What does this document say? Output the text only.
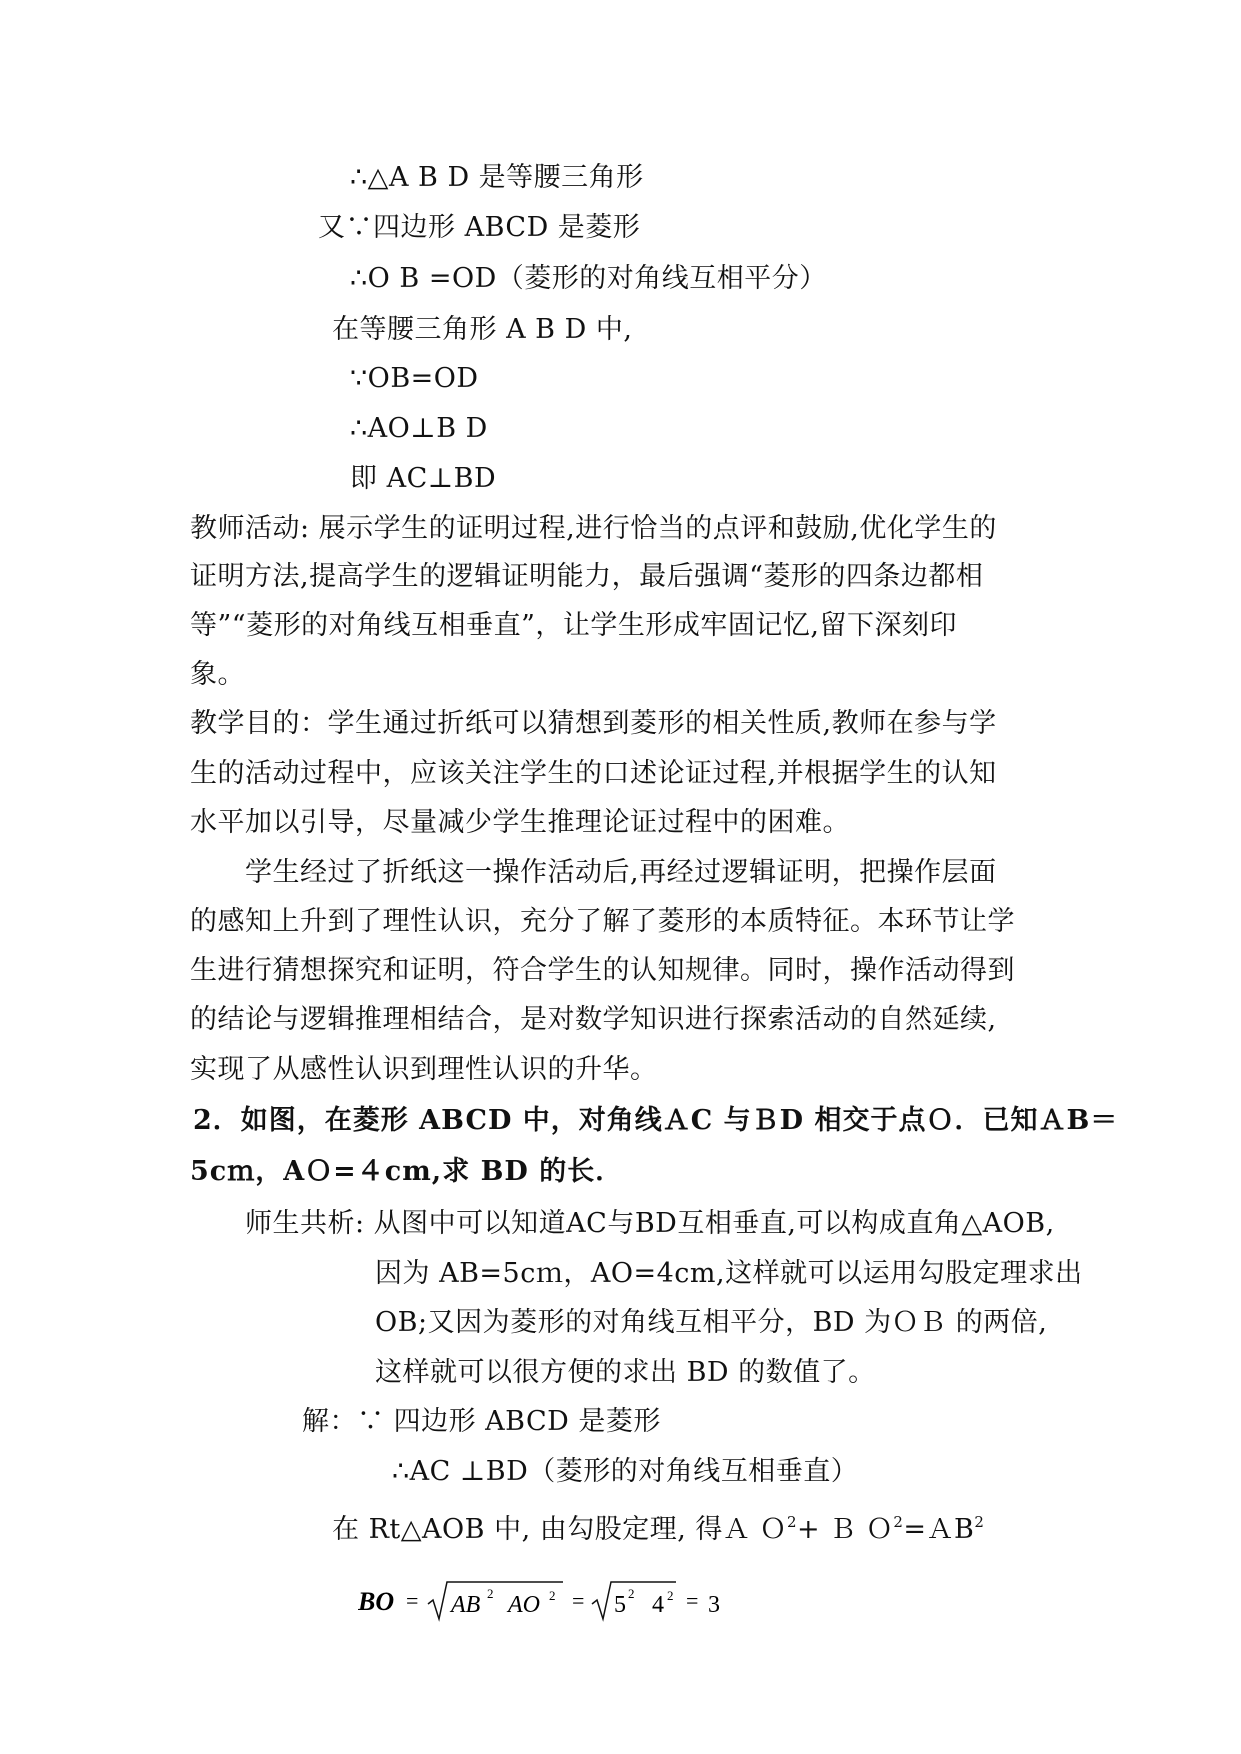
∴△A B D 是等腰三角形
又∵四边形 ABCD 是菱形
∴O B =OD（菱形的对角线互相平分）
在等腰三角形 A B D 中,
∵OB=OD
∴AO⊥B D
即 AC⊥BD
教师活动: 展示学生的证明过程,进行恰当的点评和鼓励,优化学生的
证明方法,提高学生的逻辑证明能力，最后强调“菱形的四条边都相
等”“菱形的对角线互相垂直”，让学生形成牢固记忆,留下深刻印
象。
教学目的：学生通过折纸可以猜想到菱形的相关性质,教师在参与学
生的活动过程中，应该关注学生的口述论证过程,并根据学生的认知
水平加以引导，尽量减少学生推理论证过程中的困难。
学生经过了折纸这一操作活动后,再经过逻辑证明，把操作层面
的感知上升到了理性认识，充分了解了菱形的本质特征。本环节让学
生进行猜想探究和证明，符合学生的认知规律。同时，操作活动得到
的结论与逻辑推理相结合，是对数学知识进行探索活动的自然延续,
实现了从感性认识到理性认识的升华。
2．如图，在菱形 ABCD 中，对角线ＡC 与ＢD 相交于点Ｏ．已知ＡB＝
5cｍ，AＯ=４cm,求 BD 的长．
师生共析: 从图中可以知道AC与BD互相垂直,可以构成直角△AOB,
因为 AB=5cｍ，AO=4cm,这样就可以运用勾股定理求出
OB;又因为菱形的对角线互相平分，BD 为ＯＢ 的两倍,
这样就可以很方便的求出 BD 的数值了。
解：∵ 四边形 ABCD 是菱形
∴AC ⊥BD（菱形的对角线互相垂直）
在 Rt△AOB 中, 由勾股定理, 得Ａ Ｏ$^2$+ Ｂ Ｏ$^2$=ＡB$^2$
BO = AB 2 AO 2 = 5 2 4 2 = 3
